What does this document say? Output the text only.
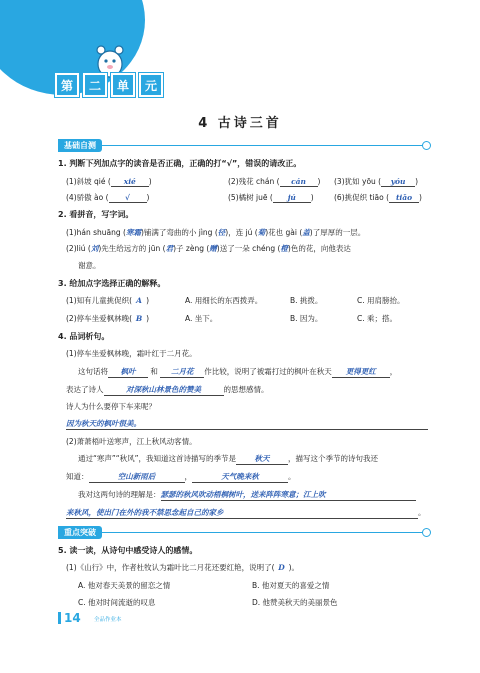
第	二	单	元
4 古诗三首
基础自测
1. 判断下列加点字的读音是否正确，正确的打“√”，错误的请改正。
(1)斜坡 qié ( xié )	(2)残花 chán ( cán ) (3)犹如 yōu ( yóu )
(4)骄傲 ào ( √ )	(5)橘树 juē ( jú )	(6)挑促织 tiāo ( tiǎo )
2. 看拼音，写字词。
(1)hán shuāng (寒霜)铺满了弯曲的小 jìng (径)，连 jú (菊)花也 gài (盖)了厚厚的一层。
(2)liú (刘)先生给远方的 jūn (君)子 zèng (赠)送了一朵 chéng (橙)色的花，向他表达
谢意。
3. 给加点字选择正确的解释。
(1)知有儿童挑促织( A )	A. 用细长的东西拨弄。	B. 挑拨。	C. 用肩膀抬。
(2)停车坐爱枫林晚( B )	A. 坐下。	B. 因为。	C. 乘；搭。
4. 品词析句。
(1)停车坐爱枫林晚，霜叶红于二月花。
这句话将 枫叶 和 二月花 作比较，说明了被霜打过的枫叶在秋天 更得更红 ，
表达了诗人	对深秋山林景色的赞美	的思想感情。
诗人为什么要停下车来呢？
因为秋天的枫叶很美。
(2)萧萧梧叶送寒声，江上秋风动客情。
通过“寒声”“秋风”，我知道这首诗描写的季节是 秋天 ，描写这个季节的诗句我还
知道：	空山新雨后	，	天气晚来秋	。
我对这两句诗的理解是：瑟瑟的秋风吹动梧桐树叶，送来阵阵寒意；江上吹
来秋风，使出门在外的我不禁思念起自己的家乡	。
重点突破
5. 读一读，从诗句中感受诗人的感情。
(1)《山行》中，作者杜牧认为霜叶比二月花还要红艳，说明了( D )。
A. 他对春天美景的留恋之情	B. 他对夏天的喜爱之情
C. 他对时间流逝的叹息	D. 他赞美秋天的美丽景色
14 全品作业本
